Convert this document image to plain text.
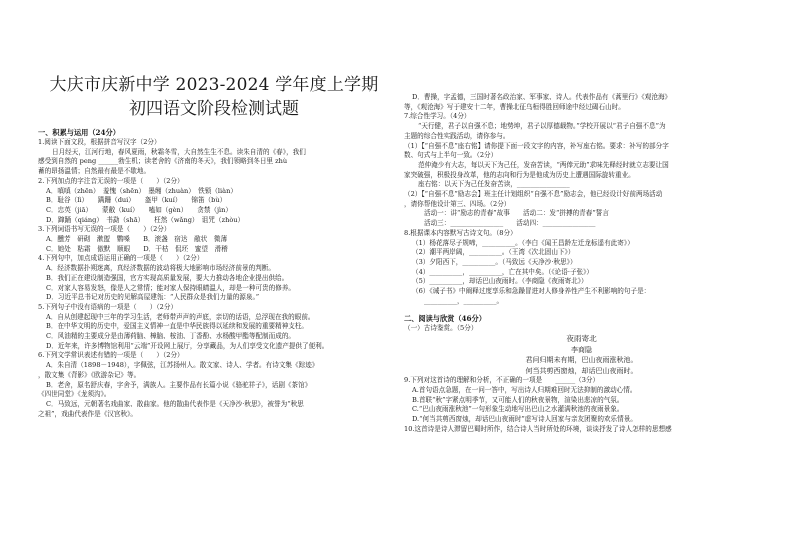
大庆市庆新中学 2023-2024 学年度上学期
初四语文阶段检测试题
一、积累与运用（24分）
1.阅读下面文段，根据拼音写汉字（2分）
日月经天，江河行地，春风夏雨，秋霜冬雪，大自然生生不息。读朱自清的《春》，我们
感受到自然的 peng ______勃生机；读老舍的《济南的冬天》，我们领略到冬日里 zhù
蓄的昂扬温情；自然最有最是不歇地。
2.下列加点的字注音无误的一项是（　　）（2分）
A．嗔嗔（zhēn）　羞愧（shēn）　墨缃（zhuàn）　铁锁（liàn）
B．耻谷（lì）　　蹒跚（dui）　　盔甲（kuí）　　锦笛（bù）
C．忠英（jiā）　　蒙敝（kuí）　　嗑如（gèn）　　贪禁（jìn）
D．蹿踊（qiáng）　书勐（shā）　　枉然（wǎng）　诅咒（zhòu）
3.下列词语书写无误的一项是（　　）（2分）
A．醺芳　研砌　漱盥　鹦嗓　　B．滚盏　宿达　敝状　微薄
C．她处　粘霜　傲默　顺眼　　D．干枯　侃坯　蜜望　滑稽
4.下列句中，加点成语运用正确的一项是（　　）（2分）
A．经济数据扑朔迷离，真经济数据的波动将极大地影响市场经济前景的判断。
B．我们正在建设制造强国，官方实现高质量发展，要大力推动各地企业提出供给。
C．对家人容易发怒，像是人之常情；能对家人保持眼睛温人，却是一种可贵的修养。
D．习近平总书记对历史的见解高屋建瓴：“人民群众是我们力量的源泉。”
5.下列句子中没有语病的一项是（　　）（2分）
A．自从创建起现中三年的学习生活，老师带声声的声底，亲切的话语，总浮现在我的眼前。
B．在中华文明的历史中，爱国主义情神一直是中华民族得以延续和发展的重要精神支柱。
C．风油精的主要成分是由薄荷脑、樟脑、桉油、丁香酚、水杨酸甲酯等配制而成的。
D．近年来，许多博物馆利用“云端”开设网上展厅，分享藏品，为人们享受文化遗产提供了便利。
6.下列文学常识表述有错的一项是（　　）（2分）
A．朱自清（1898－1948），字佩弦，江苏扬州人。散文家、诗人、学者。有诗文集《踪迹》
，散文集《背影》《欧游杂记》等。
B．老舍，原名舒庆春，字舍予，满族人。主要作品有长篇小说《骆驼祥子》，话剧《茶馆》
《四世同堂》《龙须沟》。
C．马致远，元朝著名戏曲家、散曲家。他的散曲代表作是《天净沙·秋思》，被誉为“秋思
之祖”，戏曲代表作是《汉宫秋》。
D．曹操，字孟德，三国时著名政治家、军事家、诗人。代表作品有《蒿里行》《观沧海》
等，《观沧海》写于建安十二年，曹操北征乌桓得胜回师途中经过碣石山时。
7.综合性学习。（4分）
“天行健，君子以自强不息；地势坤，君子以厚德载物。”学校开展以“君子自强不息”为
主题的综合性实践活动，请你参与。
（1）【“自强不息”座右铭】请你提下面一段文字的内容，补写座右铭。要求：补写的部分字
数、句式与上半句一致。（2分）
范仲淹少有大志，每以天下为己任，发奋苦读，“两俸元助”求味先释经时就立志要让国
家突破强，积极投身改革，他的志向和行为是他成为历史上遭遇国际旋转重业。
座右铭：以天下为己任发奋苦读，________________
（2）【“自强不息”励志会】班主任计划组织“自强不息”励志会，他已经设计好前两场活动
，请你帮他设计第三、四场。（2分）
活动一：讲“励志的青春”故事　　活动二：发“拼搏的青春”誓言
活动三：________________　　活动四：________________
8.根据课本内容默写古诗文句。（8分）
（1）杨花落尽子规啼，__________。（李白《闻王昌龄左迁龙标遥有此寄》）
（2）潮平两岸阔，__________。（王湾《次北固山下》）
（3）夕阳西下，__________。（马致远《天净沙·秋思》）
（4）__________，__________，亡在其中矣。（《论语·子张》）
（5）__________，却话巴山夜雨时。（李商隐《夜雨寄北》）
（6）《诫子书》中阐释过度享乐和急躁冒进对人修身养性产生不利影响的句子是：
__________，__________。
二、阅读与欣赏（46分）
（一）古诗鉴赏。（5分）
夜雨寄北
李商隐
君问归期未有期，巴山夜雨涨秋池。
何当共剪西窗烛，却话巴山夜雨时。
9.下列对这首诗的理解和分析，不正确的一项是　　______（3分）
A.首句语点急题，在一问一答中，写出诗人归期难回时无法抑制的激动心情。
B.首联“秋”字紧点明季节，又可能人们的秋夜景物，渲染出悲凉的气氛。
C.“巴山夜雨涨秋池”一句形象生动地写出巴山之水灌满秋池的夜雨景象。
D.“何当共剪西窗烛，却话巴山夜雨时”虚写诗人回家与亲友团聚的欢乐情景。
10.这首诗是诗人滞留巴蜀时所作，结合诗人当时所处的环境，谈谈抒发了诗人怎样的思想感
